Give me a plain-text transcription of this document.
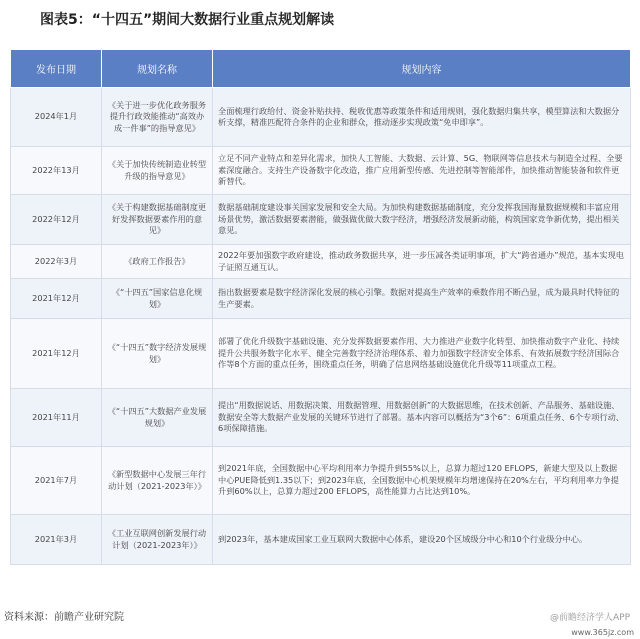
图表5：“十四五”期间大数据行业重点规划解读
发布日期	规划名称	规划内容
2024年1月	《关于进一步优化政务服务提升行政效能推动“高效办成一件事”的指导意见》	全面梳理行政给付、资金补贴扶持、税收优惠等政策条件和适用规则，强化数据归集共享，模型算法和大数据分析支撑，精准匹配符合条件的企业和群众，推动逐步实现政策“免申即享”。
2022年13月	《关于加快传统制造业转型升级的指导意见》	立足不同产业特点和差异化需求，加快人工智能、大数据、云计算、5G、物联网等信息技术与制造全过程、全要素深度融合。支持生产设备数字化改造，推广应用新型传感、先进控制等智能部件，加快推动智能装备和软件更新替代。
2022年12月	《关于构建数据基础制度更好发挥数据要素作用的意见》	数据基础制度建设事关国家发展和安全大局。为加快构建数据基础制度，充分发挥我国海量数据规模和丰富应用场景优势，激活数据要素潜能，做强做优做大数字经济，增强经济发展新动能，构筑国家竞争新优势，提出相关意见。
2022年3月	《政府工作报告》	2022年要加强数字政府建设，推动政务数据共享，进一步压减各类证明事项，扩大“跨省通办”规范，基本实现电子证照互通互认。
2021年12月	《“十四五”国家信息化规划》	指出数据要素是数字经济深化发展的核心引擎。数据对提高生产效率的乘数作用不断凸显，成为最具时代特征的生产要素。
2021年12月	《“十四五”数字经济发展规划》	部署了优化升级数字基础设施、充分发挥数据要素作用、大力推进产业数字化转型、加快推动数字产业化、持续提升公共服务数字化水平、健全完善数字经济治理体系、着力加强数字经济安全体系、有效拓展数字经济国际合作等8个方面的重点任务，围绕重点任务，明确了信息网络基础设施优化升级等11项重点工程。
2021年11月	《“十四五”大数据产业发展规划》	提出“用数据说话、用数据决策、用数据管理、用数据创新”的大数据思维，在技术创新、产品服务、基础设施、数据安全等大数据产业发展的关键环节进行了部署。基本内容可以概括为“3个6”：6项重点任务、6个专项行动、6项保障措施。
2021年7月	《新型数据中心发展三年行动计划（2021-2023年）》	到2021年底，全国数据中心平均利用率力争提升到55%以上，总算力超过120 EFLOPS，新建大型及以上数据中心PUE降低到1.35以下；到2023年底，全国数据中心机架规模年均增速保持在20%左右，平均利用率力争提升到60%以上，总算力超过200 EFLOPS，高性能算力占比达到10%。
2021年3月	《工业互联网创新发展行动计划（2021-2023年）》	到2023年，基本建成国家工业互联网大数据中心体系，建设20个区域级分中心和10个行业级分中心。
资料来源：前瞻产业研究院	@前瞻经济学人APP
www.365jz.com
